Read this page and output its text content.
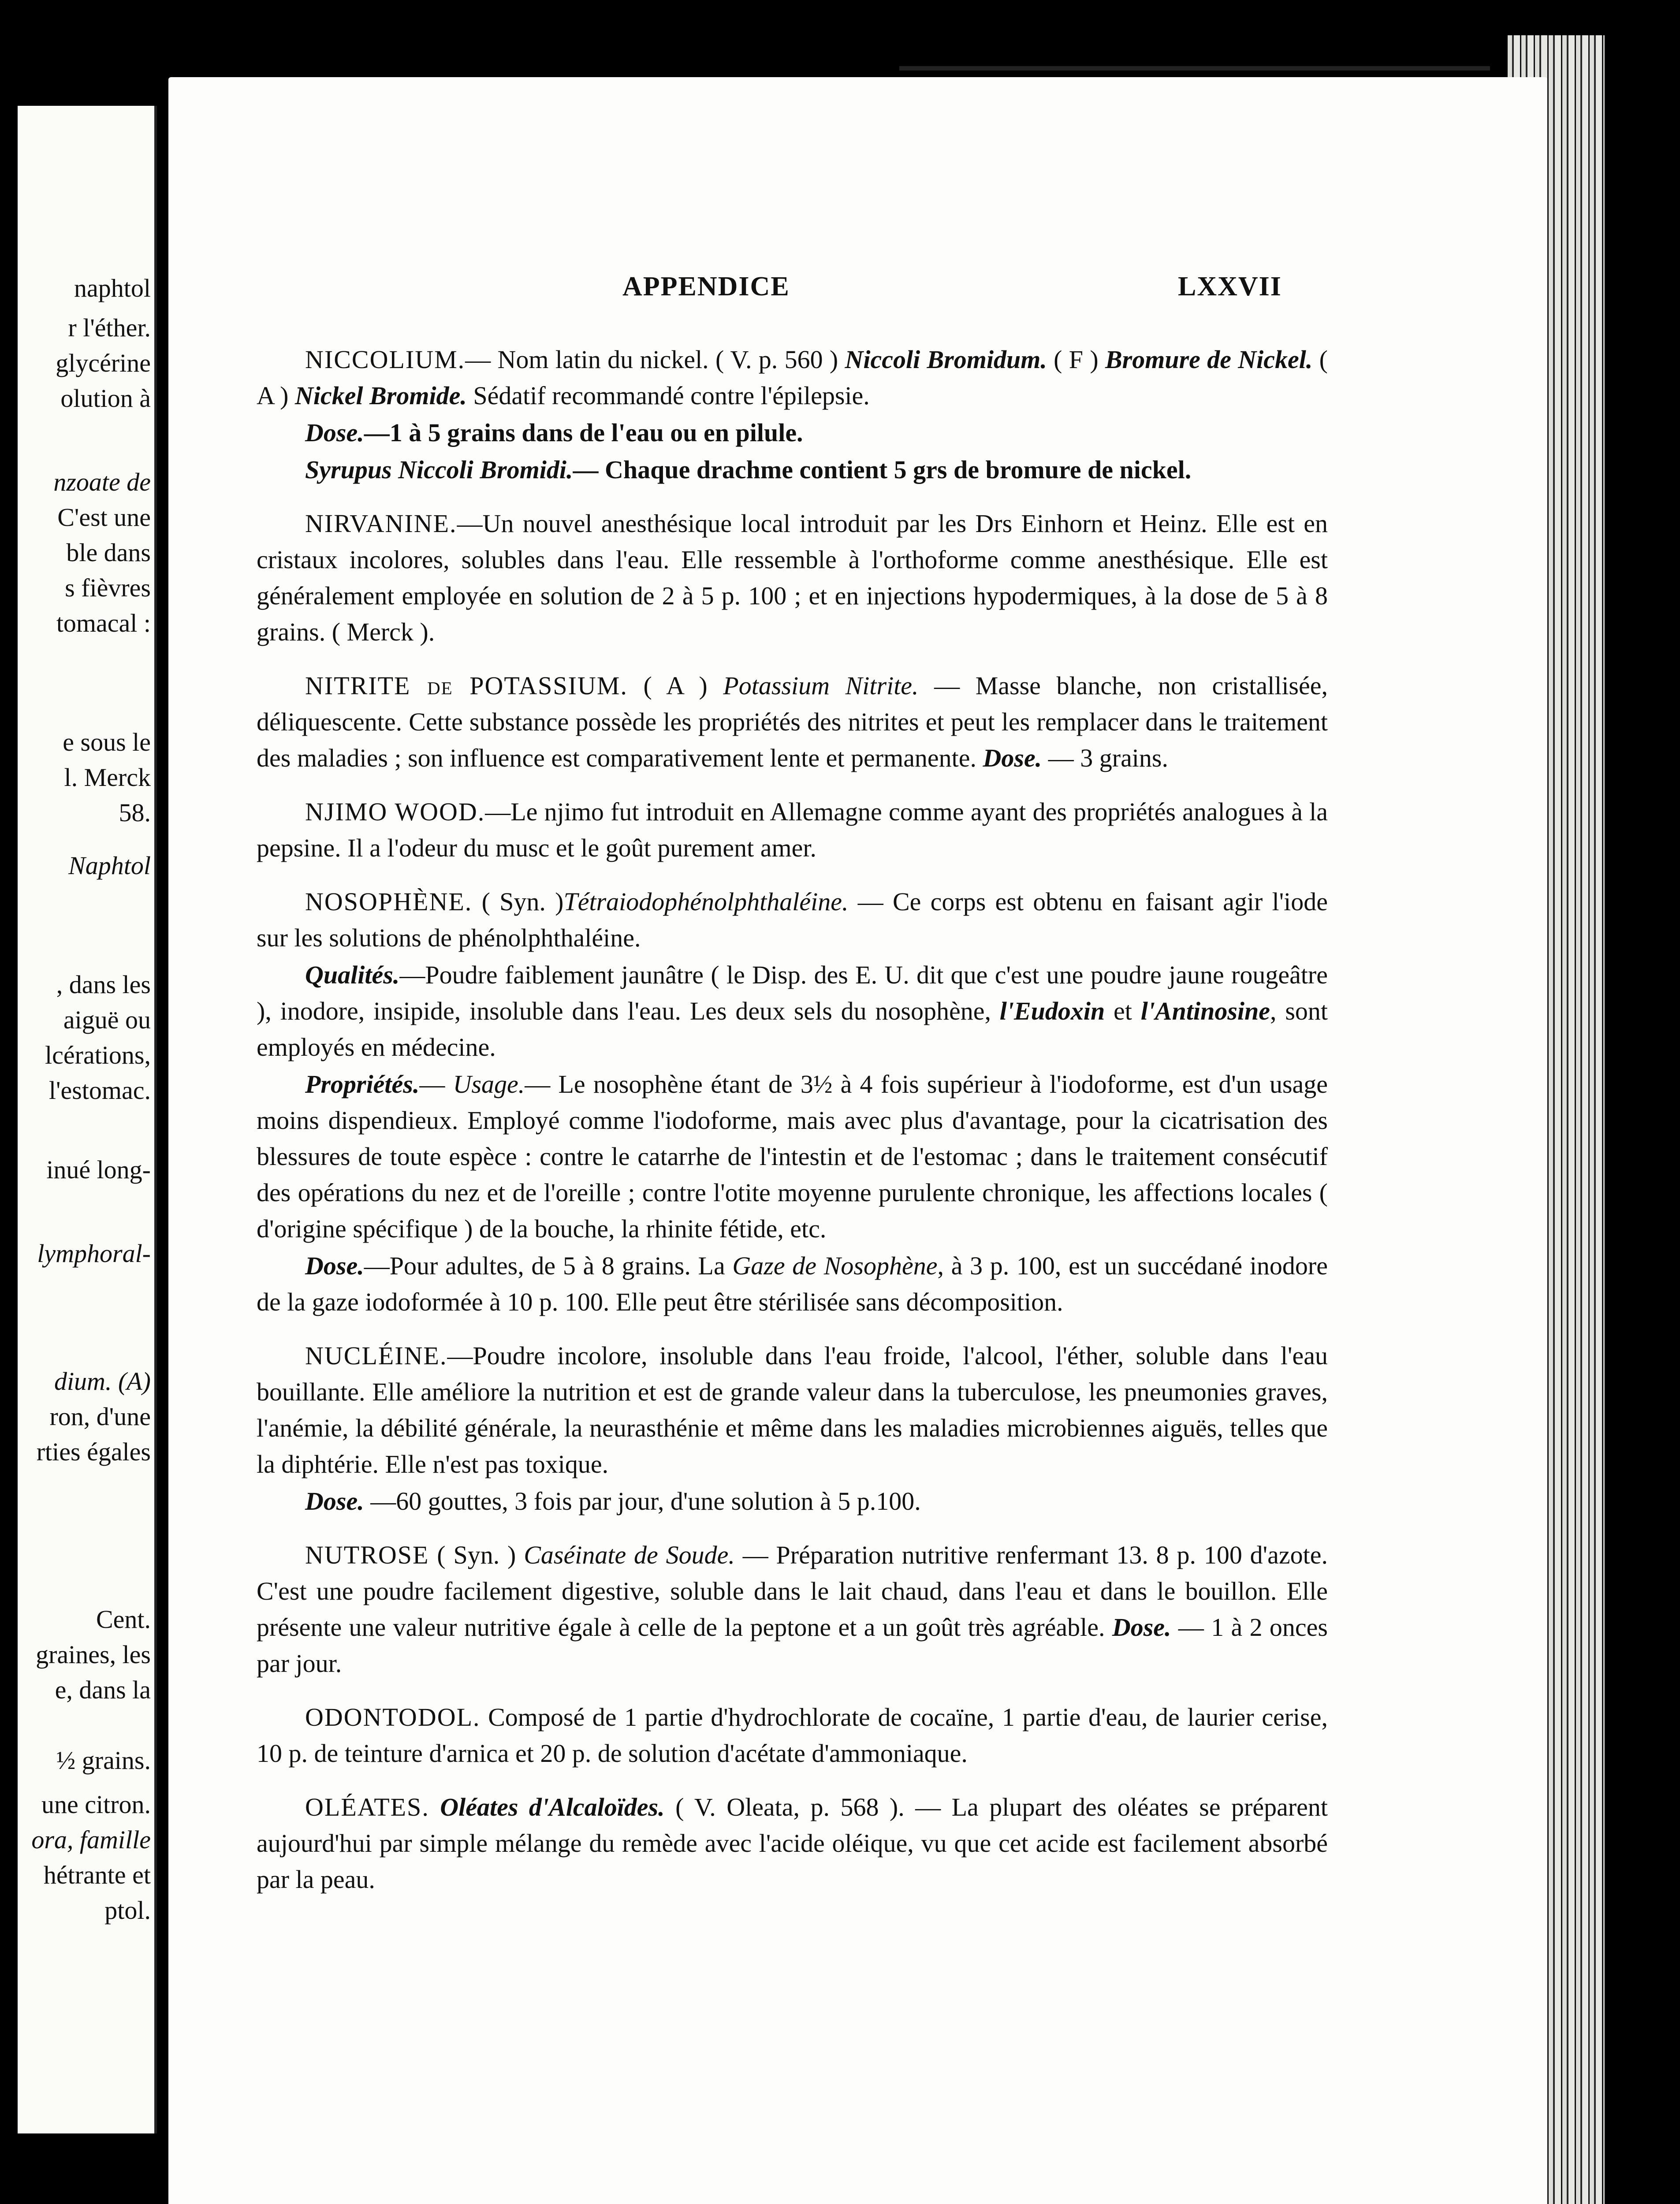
naphtol
r l'éther.
glycérine
olution à
nzoate de
C'est une
ble dans
s fièvres
tomacal :
e sous le
l. Merck
58.
Naphtol
, dans les
aiguë ou
lcérations,
l'estomac.
inué long-
lymphoral-
dium. (A)
ron, d'une
rties égales
Cent.
graines, les
e, dans la
½ grains.
une citron.
ora, famille
hétrante et
ptol.
APPENDICE	LXXVII

NICCOLIUM.— Nom latin du nickel. ( V. p. 560 ) Niccoli Bromidum. ( F ) Bromure de Nickel. ( A ) Nickel Bromide. Sédatif recommandé contre l'épilepsie.

Dose.—1 à 5 grains dans de l'eau ou en pilule.

Syrupus Niccoli Bromidi.— Chaque drachme contient 5 grs de bromure de nickel.

NIRVANINE.—Un nouvel anesthésique local introduit par les Drs Einhorn et Heinz. Elle est en cristaux incolores, solubles dans l'eau. Elle ressemble à l'orthoforme comme anesthésique. Elle est généralement employée en solution de 2 à 5 p. 100 ; et en injections hypodermiques, à la dose de 5 à 8 grains. ( Merck ).

NITRITE de POTASSIUM. ( A ) Potassium Nitrite. — Masse blanche, non cristallisée, déliquescente. Cette substance possède les propriétés des nitrites et peut les remplacer dans le traitement des maladies ; son influence est comparativement lente et permanente. Dose. — 3 grains.

NJIMO WOOD.—Le njimo fut introduit en Allemagne comme ayant des propriétés analogues à la pepsine. Il a l'odeur du musc et le goût purement amer.

NOSOPHÈNE. ( Syn. )Tétraiodophénolphthaléine. — Ce corps est obtenu en faisant agir l'iode sur les solutions de phénolphthaléine.

Qualités.—Poudre faiblement jaunâtre ( le Disp. des E. U. dit que c'est une poudre jaune rougeâtre ), inodore, insipide, insoluble dans l'eau. Les deux sels du nosophène, l'Eudoxin et l'Antinosine, sont employés en médecine.

Propriétés.— Usage.— Le nosophène étant de 3½ à 4 fois supérieur à l'iodoforme, est d'un usage moins dispendieux. Employé comme l'iodoforme, mais avec plus d'avantage, pour la cicatrisation des blessures de toute espèce : contre le catarrhe de l'intestin et de l'estomac ; dans le traitement consécutif des opérations du nez et de l'oreille ; contre l'otite moyenne purulente chronique, les affections locales ( d'origine spécifique ) de la bouche, la rhinite fétide, etc.

Dose.—Pour adultes, de 5 à 8 grains. La Gaze de Nosophène, à 3 p. 100, est un succédané inodore de la gaze iodoformée à 10 p. 100. Elle peut être stérilisée sans décomposition.

NUCLÉINE.—Poudre incolore, insoluble dans l'eau froide, l'alcool, l'éther, soluble dans l'eau bouillante. Elle améliore la nutrition et est de grande valeur dans la tuberculose, les pneumonies graves, l'anémie, la débilité générale, la neurasthénie et même dans les maladies microbiennes aiguës, telles que la diphtérie. Elle n'est pas toxique.

Dose. —60 gouttes, 3 fois par jour, d'une solution à 5 p.100.

NUTROSE ( Syn. ) Caséinate de Soude. — Préparation nutritive renfermant 13. 8 p. 100 d'azote. C'est une poudre facilement digestive, soluble dans le lait chaud, dans l'eau et dans le bouillon. Elle présente une valeur nutritive égale à celle de la peptone et a un goût très agréable. Dose. — 1 à 2 onces par jour.

ODONTODOL. Composé de 1 partie d'hydrochlorate de cocaïne, 1 partie d'eau, de laurier cerise, 10 p. de teinture d'arnica et 20 p. de solution d'acétate d'ammoniaque.

OLÉATES. Oléates d'Alcaloïdes. ( V. Oleata, p. 568 ). — La plupart des oléates se préparent aujourd'hui par simple mélange du remède avec l'acide oléique, vu que cet acide est facilement absorbé par la peau.
